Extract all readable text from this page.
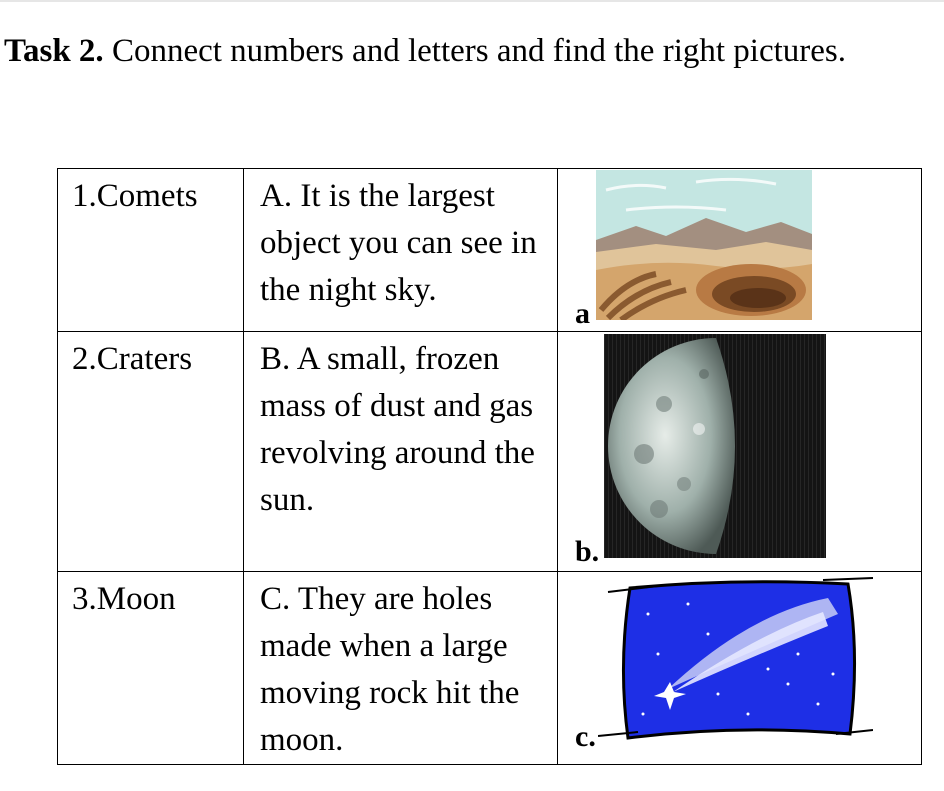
Task 2. Connect numbers and letters and find the right pictures.
1.Comets	A. It is the largest object you can see in the night sky.	a

2.Craters	B. A small, frozen mass of dust and gas revolving around the sun.	b.

3.Moon	C. They are holes made when a large moving rock hit the moon.	c.
